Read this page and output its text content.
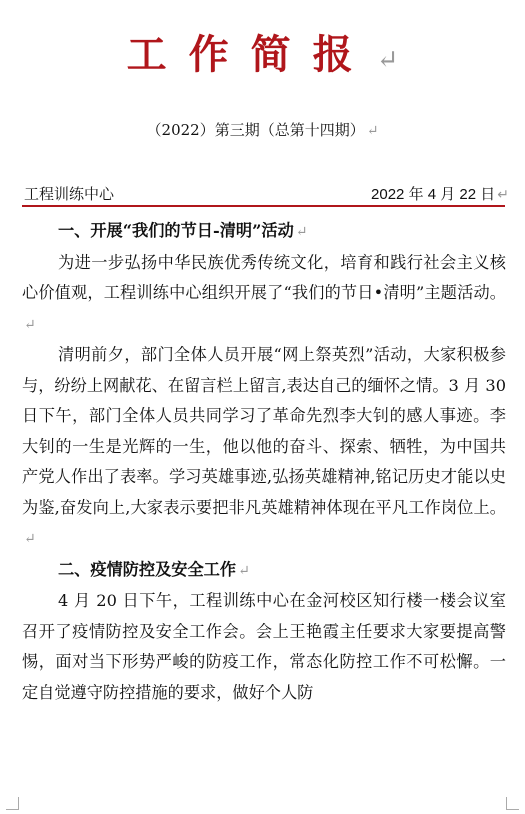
工作简报↵
（2022）第三期（总第十四期） ↵
工程训练中心	2022 年 4 月 22 日 ↵

一、开展“我们的节日-清明”活动 ↵

为进一步弘扬中华民族优秀传统文化，培育和践行社会主义核心价值观，工程训练中心组织开展了“我们的节日•清明”主题活动。↵

清明前夕，部门全体人员开展“网上祭英烈”活动，大家积极参与，纷纷上网献花、在留言栏上留言,表达自己的缅怀之情。3 月 30 日下午，部门全体人员共同学习了革命先烈李大钊的感人事迹。李大钊的一生是光辉的一生，他以他的奋斗、探索、牺牲，为中国共产党人作出了表率。学习英雄事迹,弘扬英雄精神,铭记历史才能以史为鉴,奋发向上,大家表示要把非凡英雄精神体现在平凡工作岗位上。↵

二、疫情防控及安全工作 ↵

4 月 20 日下午，工程训练中心在金河校区知行楼一楼会议室召开了疫情防控及安全工作会。会上王艳霞主任要求大家要提高警惕，面对当下形势严峻的防疫工作，常态化防控工作不可松懈。一定自觉遵守防控措施的要求，做好个人防
